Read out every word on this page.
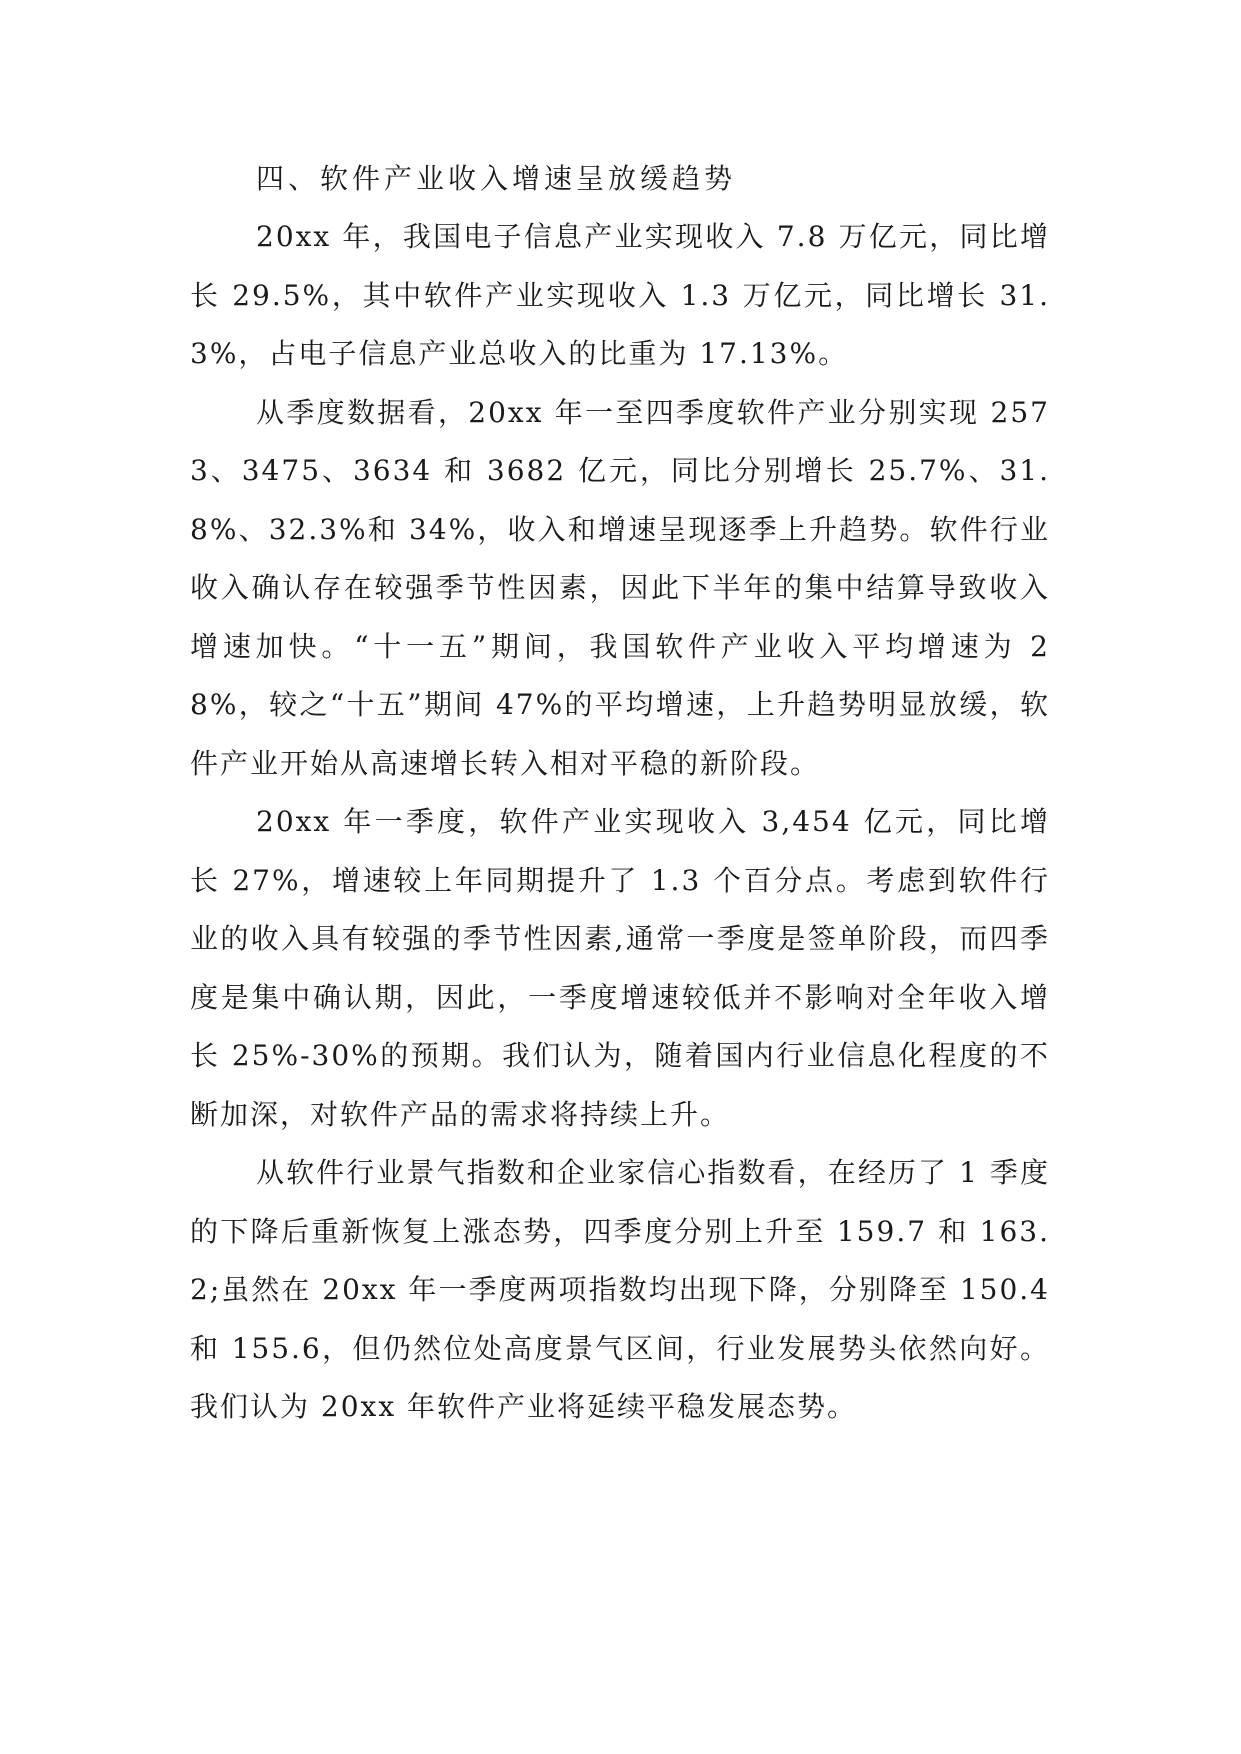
四、软件产业收入增速呈放缓趋势

20xx 年，我国电子信息产业实现收入 7.8 万亿元，同比增长 29.5%，其中软件产业实现收入 1.3 万亿元，同比增长 31.3%，占电子信息产业总收入的比重为 17.13%。

从季度数据看，20xx 年一至四季度软件产业分别实现 2573、3475、3634 和 3682 亿元，同比分别增长 25.7%、31.8%、32.3%和 34%，收入和增速呈现逐季上升趋势。软件行业收入确认存在较强季节性因素，因此下半年的集中结算导致收入增速加快。“十一五”期间，我国软件产业收入平均增速为 28%，较之“十五”期间 47%的平均增速，上升趋势明显放缓，软件产业开始从高速增长转入相对平稳的新阶段。

20xx 年一季度，软件产业实现收入 3,454 亿元，同比增长 27%，增速较上年同期提升了 1.3 个百分点。考虑到软件行业的收入具有较强的季节性因素,通常一季度是签单阶段，而四季度是集中确认期，因此，一季度增速较低并不影响对全年收入增长 25%-30%的预期。我们认为，随着国内行业信息化程度的不断加深，对软件产品的需求将持续上升。

从软件行业景气指数和企业家信心指数看，在经历了 1 季度的下降后重新恢复上涨态势，四季度分别上升至 159.7 和 163.2;虽然在 20xx 年一季度两项指数均出现下降，分别降至 150.4 和 155.6，但仍然位处高度景气区间，行业发展势头依然向好。我们认为 20xx 年软件产业将延续平稳发展态势。
